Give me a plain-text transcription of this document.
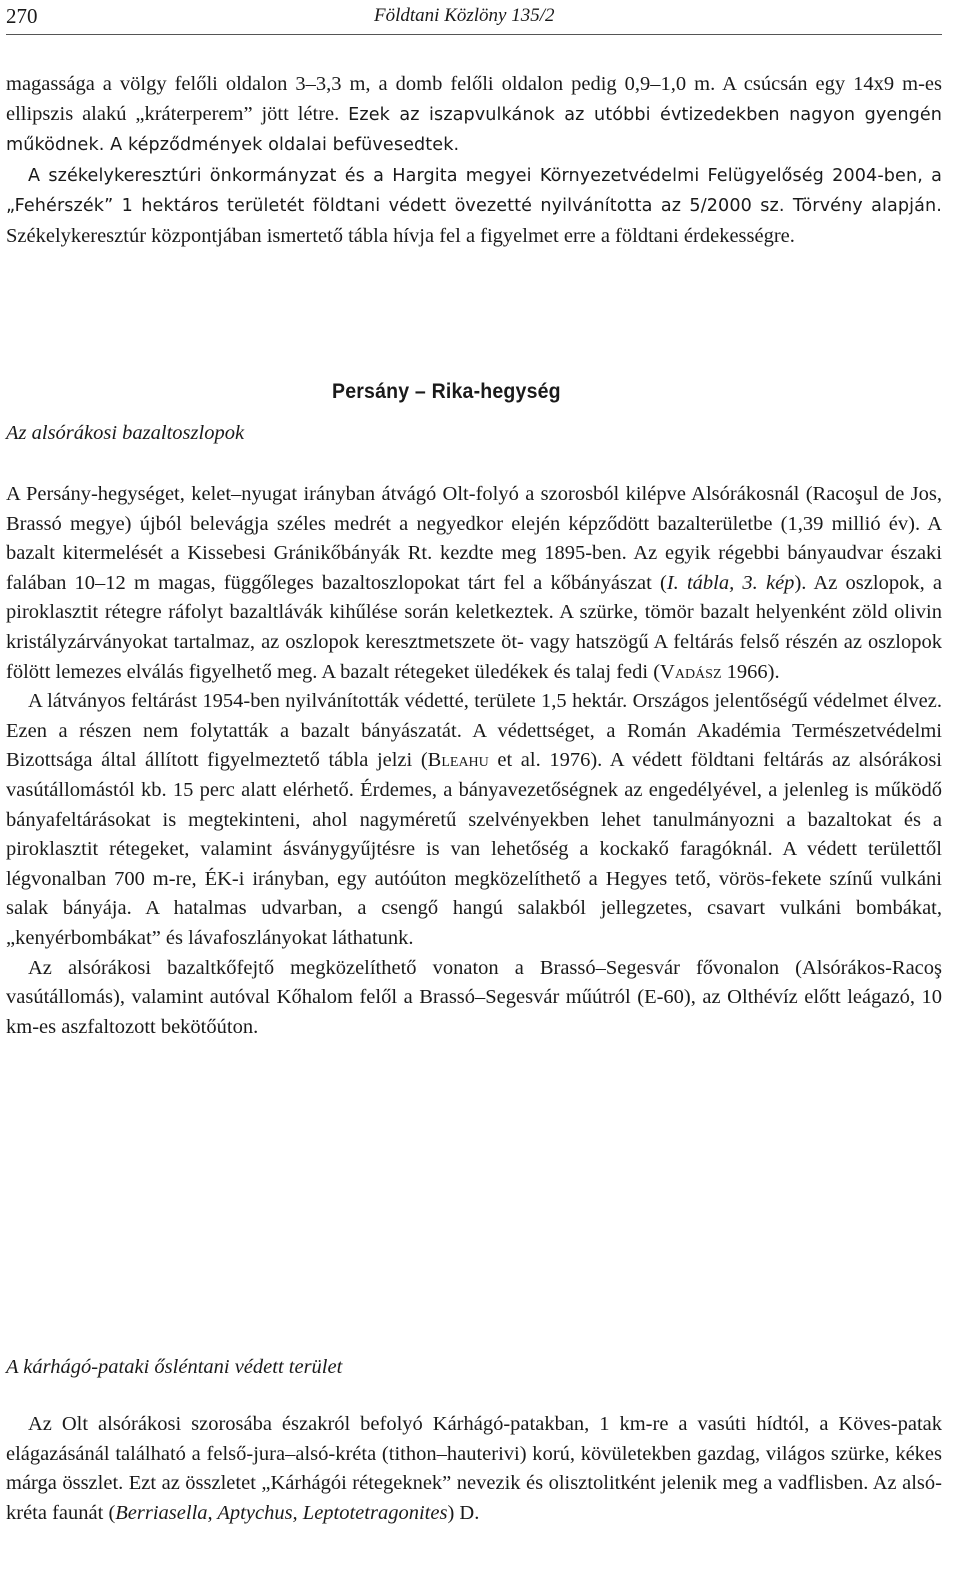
270	Földtani Közlöny 135/2

magassága a völgy felőli oldalon 3–3,3 m, a domb felőli oldalon pedig 0,9–1,0 m. A csúcsán egy 14x9 m-es ellipszis alakú „kráterperem” jött létre. Ezek az iszapvulkánok az utóbbi évtizedekben nagyon gyengén működnek. A képződmények oldalai befüvesedtek.

A székelykeresztúri önkormányzat és a Hargita megyei Környezetvédelmi Felügyelőség 2004-ben, a „Fehérszék” 1 hektáros területét földtani védett övezetté nyilvánította az 5/2000 sz. Törvény alapján. Székelykeresztúr központjában ismertető tábla hívja fel a figyelmet erre a földtani érdekességre.

Persány – Rika-hegység
Az alsórákosi bazaltoszlopok

A Persány-hegységet, kelet–nyugat irányban átvágó Olt-folyó a szorosból kilépve Alsórákosnál (Racoşul de Jos, Brassó megye) újból belevágja széles medrét a negyedkor elején képződött bazalterületbe (1,39 millió év). A bazalt kitermelését a Kissebesi Gránikőbányák Rt. kezdte meg 1895-ben. Az egyik régebbi bányaudvar északi falában 10–12 m magas, függőleges bazaltoszlopokat tárt fel a kőbányászat (I. tábla, 3. kép). Az oszlopok, a piroklasztit rétegre ráfolyt bazaltlávák kihűlése során keletkeztek. A szürke, tömör bazalt helyenként zöld olivin kristályzárványokat tartalmaz, az oszlopok keresztmetszete öt- vagy hatszögű A feltárás felső részén az oszlopok fölött lemezes elválás figyelhető meg. A bazalt rétegeket üledékek és talaj fedi (Vadász 1966).

A látványos feltárást 1954-ben nyilvánították védetté, területe 1,5 hektár. Országos jelentőségű védelmet élvez. Ezen a részen nem folytatták a bazalt bányászatát. A védettséget, a Román Akadémia Természetvédelmi Bizottsága által állított figyelmeztető tábla jelzi (Bleahu et al. 1976). A védett földtani feltárás az alsórákosi vasútállomástól kb. 15 perc alatt elérhető. Érdemes, a bányavezetőségnek az engedélyével, a jelenleg is működő bányafeltárásokat is megtekinteni, ahol nagyméretű szelvényekben lehet tanulmányozni a bazaltokat és a piroklasztit rétegeket, valamint ásványgyűjtésre is van lehetőség a kockakő faragóknál. A védett területtől légvonalban 700 m-re, ÉK-i irányban, egy autóúton megközelíthető a Hegyes tető, vörös-fekete színű vulkáni salak bányája. A hatalmas udvarban, a csengő hangú salakból jellegzetes, csavart vulkáni bombákat, „kenyérbombákat” és lávafoszlányokat láthatunk.

Az alsórákosi bazaltkőfejtő megközelíthető vonaton a Brassó–Segesvár fővonalon (Alsórákos-Racoş vasútállomás), valamint autóval Kőhalom felől a Brassó–Segesvár műútról (E-60), az Olthévíz előtt leágazó, 10 km-es aszfaltozott bekötőúton.

A kárhágó-pataki ősléntani védett terület

Az Olt alsórákosi szorosába északról befolyó Kárhágó-patakban, 1 km-re a vasúti hídtól, a Köves-patak elágazásánál található a felső-jura–alsó-kréta (tithon–hauterivi) korú, kövületekben gazdag, világos szürke, kékes márga összlet. Ezt az összletet „Kárhágói rétegeknek” nevezik és olisztolitként jelenik meg a vadflisben. Az alsó-kréta faunát (Berriasella, Aptychus, Leptotetragonites) D.
